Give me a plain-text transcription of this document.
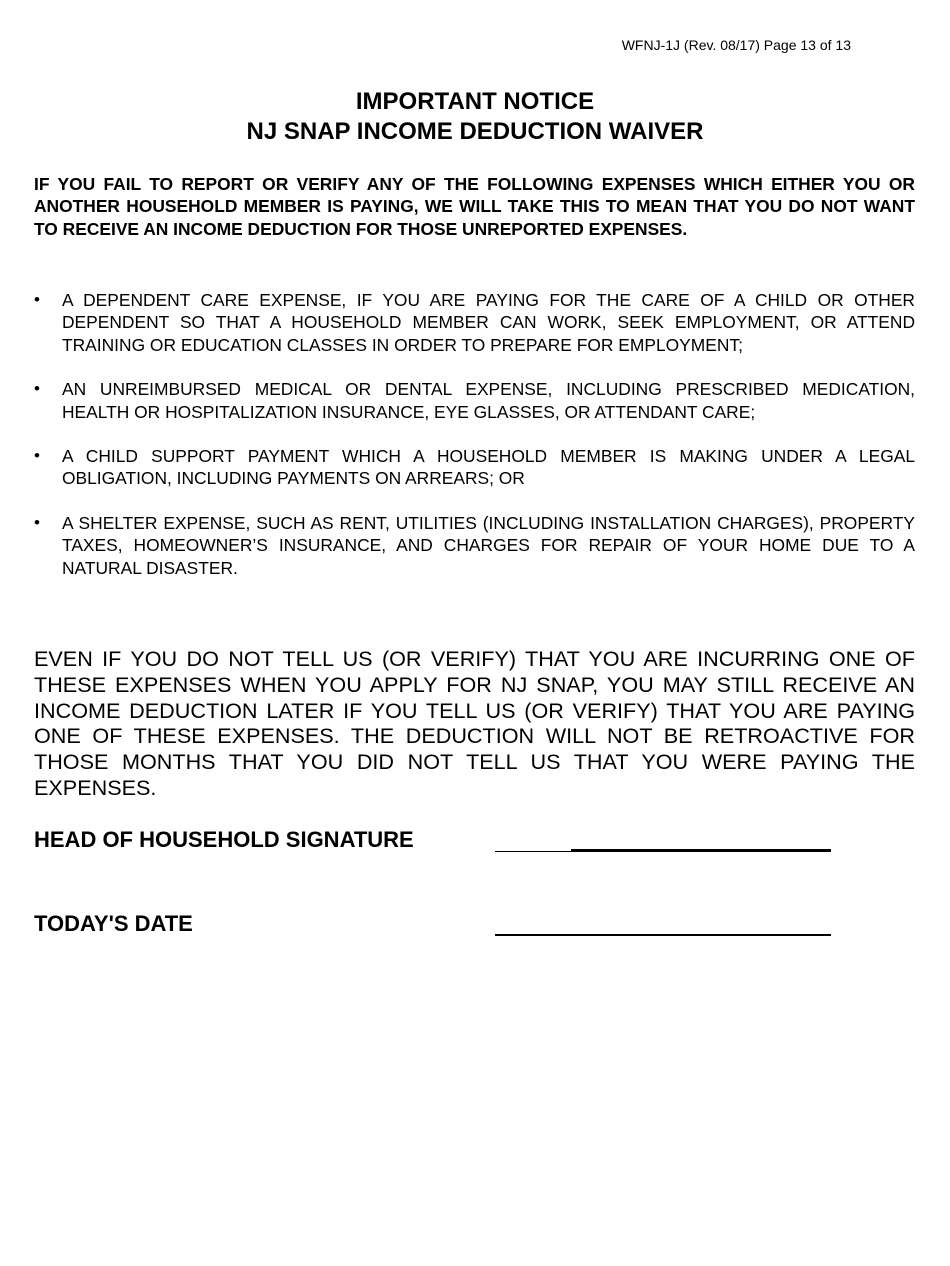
WFNJ-1J (Rev. 08/17) Page 13 of 13
IMPORTANT NOTICE
NJ SNAP INCOME DEDUCTION WAIVER
IF YOU FAIL TO REPORT OR VERIFY ANY OF THE FOLLOWING EXPENSES WHICH EITHER YOU OR ANOTHER HOUSEHOLD MEMBER IS PAYING, WE WILL TAKE THIS TO MEAN THAT YOU DO NOT WANT TO RECEIVE AN INCOME DEDUCTION FOR THOSE UNREPORTED EXPENSES.
•	A DEPENDENT CARE EXPENSE, IF YOU ARE PAYING FOR THE CARE OF A CHILD OR OTHER DEPENDENT SO THAT A HOUSEHOLD MEMBER CAN WORK, SEEK EMPLOYMENT, OR ATTEND TRAINING OR EDUCATION CLASSES IN ORDER TO PREPARE FOR EMPLOYMENT;
•	AN UNREIMBURSED MEDICAL OR DENTAL EXPENSE, INCLUDING PRESCRIBED MEDICATION, HEALTH OR HOSPITALIZATION INSURANCE, EYE GLASSES, OR ATTENDANT CARE;
•	A CHILD SUPPORT PAYMENT WHICH A HOUSEHOLD MEMBER IS MAKING UNDER A LEGAL OBLIGATION, INCLUDING PAYMENTS ON ARREARS; OR
•	A SHELTER EXPENSE, SUCH AS RENT, UTILITIES (INCLUDING INSTALLATION CHARGES), PROPERTY TAXES, HOMEOWNER’S INSURANCE, AND CHARGES FOR REPAIR OF YOUR HOME DUE TO A NATURAL DISASTER.
EVEN IF YOU DO NOT TELL US (OR VERIFY) THAT YOU ARE INCURRING ONE OF THESE EXPENSES WHEN YOU APPLY FOR NJ SNAP, YOU MAY STILL RECEIVE AN INCOME DEDUCTION LATER IF YOU TELL US (OR VERIFY) THAT YOU ARE PAYING ONE OF THESE EXPENSES. THE DEDUCTION WILL NOT BE RETROACTIVE FOR THOSE MONTHS THAT YOU DID NOT TELL US THAT YOU WERE PAYING THE EXPENSES.
HEAD OF HOUSEHOLD SIGNATURE
TODAY'S DATE
